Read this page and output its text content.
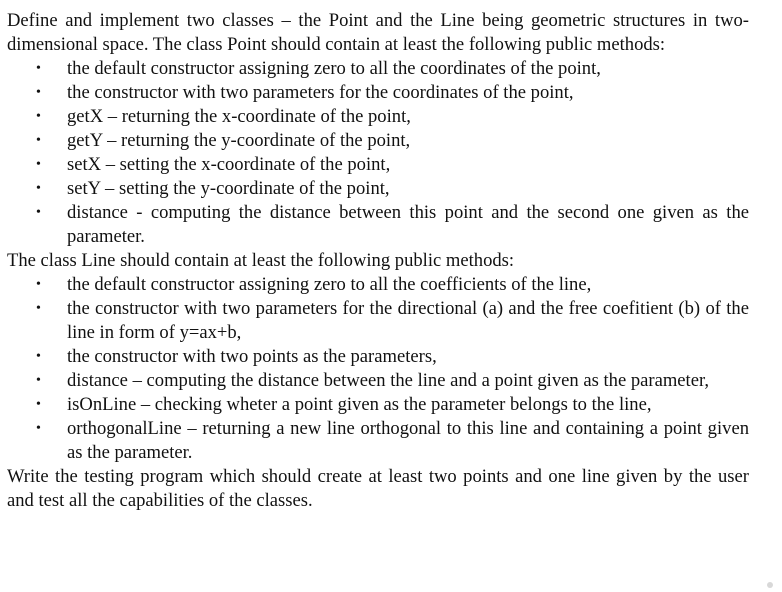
Define and implement two classes – the Point and the Line being geometric structures in two-dimensional space. The class Point should contain at least the following public methods:

• the default constructor assigning zero to all the coordinates of the point,
• the constructor with two parameters for the coordinates of the point,
• getX – returning the x-coordinate of the point,
• getY – returning the y-coordinate of the point,
• setX – setting the x-coordinate of the point,
• setY – setting the y-coordinate of the point,
• distance - computing the distance between this point and the second one given as the parameter.

The class Line should contain at least the following public methods:

• the default constructor assigning zero to all the coefficients of the line,
• the constructor with two parameters for the directional (a) and the free coefitient (b) of the line in form of y=ax+b,
• the constructor with two points as the parameters,
• distance – computing the distance between the line and a point given as the parameter,
• isOnLine – checking wheter a point given as the parameter belongs to the line,
• orthogonalLine – returning a new line orthogonal to this line and containing a point given as the parameter.

Write the testing program which should create at least two points and one line given by the user and test all the capabilities of the classes.
